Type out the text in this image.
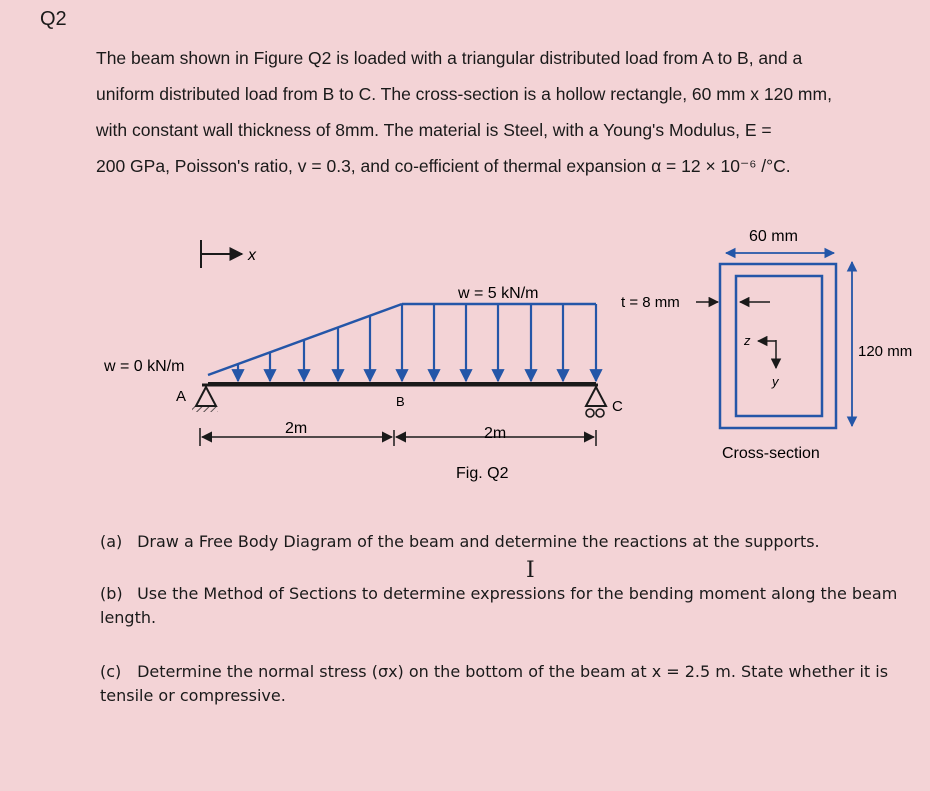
Q2
The beam shown in Figure Q2 is loaded with a triangular distributed load from A to B, and a
uniform distributed load from B to C. The cross-section is a hollow rectangle, 60 mm x 120 mm,
with constant wall thickness of 8mm. The material is Steel, with a Young's Modulus, E =
200 GPa, Poisson's ratio, v = 0.3, and co-efficient of thermal expansion α = 12 × 10⁻⁶ /°C.
x
w = 5 kN/m
w = 0 kN/m
A	B	C
2m	2m
Fig. Q2
60 mm
120 mm
t = 8 mm
z
y
Cross-section
(a) Draw a Free Body Diagram of the beam and determine the reactions at the supports.
I
(b) Use the Method of Sections to determine expressions for the bending moment along the beam length.
(c) Determine the normal stress (σx) on the bottom of the beam at x = 2.5 m. State whether it is tensile or compressive.
